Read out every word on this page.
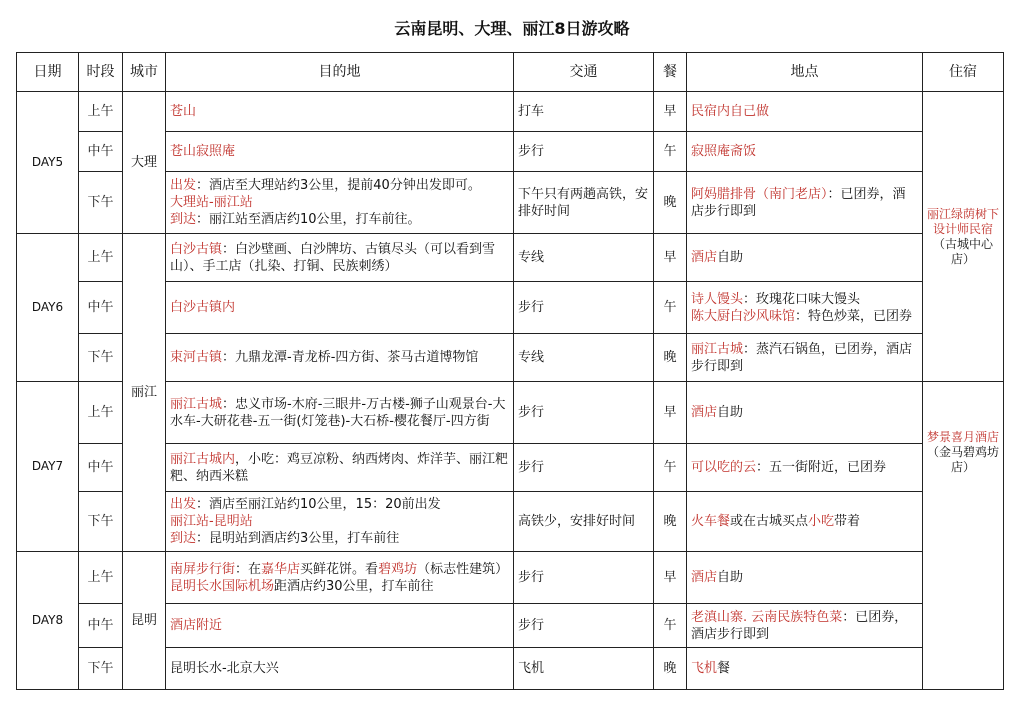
云南昆明、大理、丽江8日游攻略
日期	时段	城市	目的地	交通	餐	地点	住宿
DAY5	上午	大理	苍山	打车	早	民宿内自己做	丽江绿荫树下设计师民宿
（古城中心店）
	中午		苍山寂照庵	步行	午	寂照庵斋饭	

	下午		出发：酒店至大理站约3公里，提前40分钟出发即可。
大理站-丽江站
到达：丽江站至酒店约10公里，打车前往。	下午只有两趟高铁，安排好时间	晚	阿妈腊排骨（南门老店）：已团券，酒店步行即到	

DAY6	上午	丽江	白沙古镇：白沙壁画、白沙牌坊、古镇尽头（可以看到雪山）、手工店（扎染、打铜、民族刺绣）	专线	早	酒店自助	

	中午		白沙古镇内	步行	午	诗人馒头：玫瑰花口味大馒头
陈大厨白沙风味馆：特色炒菜，已团券	

	下午		束河古镇：九鼎龙潭-青龙桥-四方街、茶马古道博物馆	专线	晚	丽江古城：蒸汽石锅鱼，已团券，酒店步行即到	

DAY7	上午		丽江古城：忠义市场-木府-三眼井-万古楼-狮子山观景台-大水车-大研花巷-五一街(灯笼巷)-大石桥-樱花餐厅-四方街	步行	早	酒店自助	梦景喜月酒店
（金马碧鸡坊店）
	中午		丽江古城内，小吃：鸡豆凉粉、纳西烤肉、炸洋芋、丽江粑粑、纳西米糕	步行	午	可以吃的云：五一街附近，已团券	

	下午		出发：酒店至丽江站约10公里，15：20前出发
丽江站-昆明站
到达：昆明站到酒店约3公里，打车前往	高铁少，安排好时间	晚	火车餐或在古城买点小吃带着	

DAY8	上午	昆明	南屏步行街：在嘉华店买鲜花饼。看碧鸡坊（标志性建筑）
昆明长水国际机场距酒店约30公里，打车前往	步行	早	酒店自助	

	中午		酒店附近	步行	午	老滇山寨. 云南民族特色菜：已团券，酒店步行即到	

	下午		昆明长水-北京大兴	飞机	晚	飞机餐	
